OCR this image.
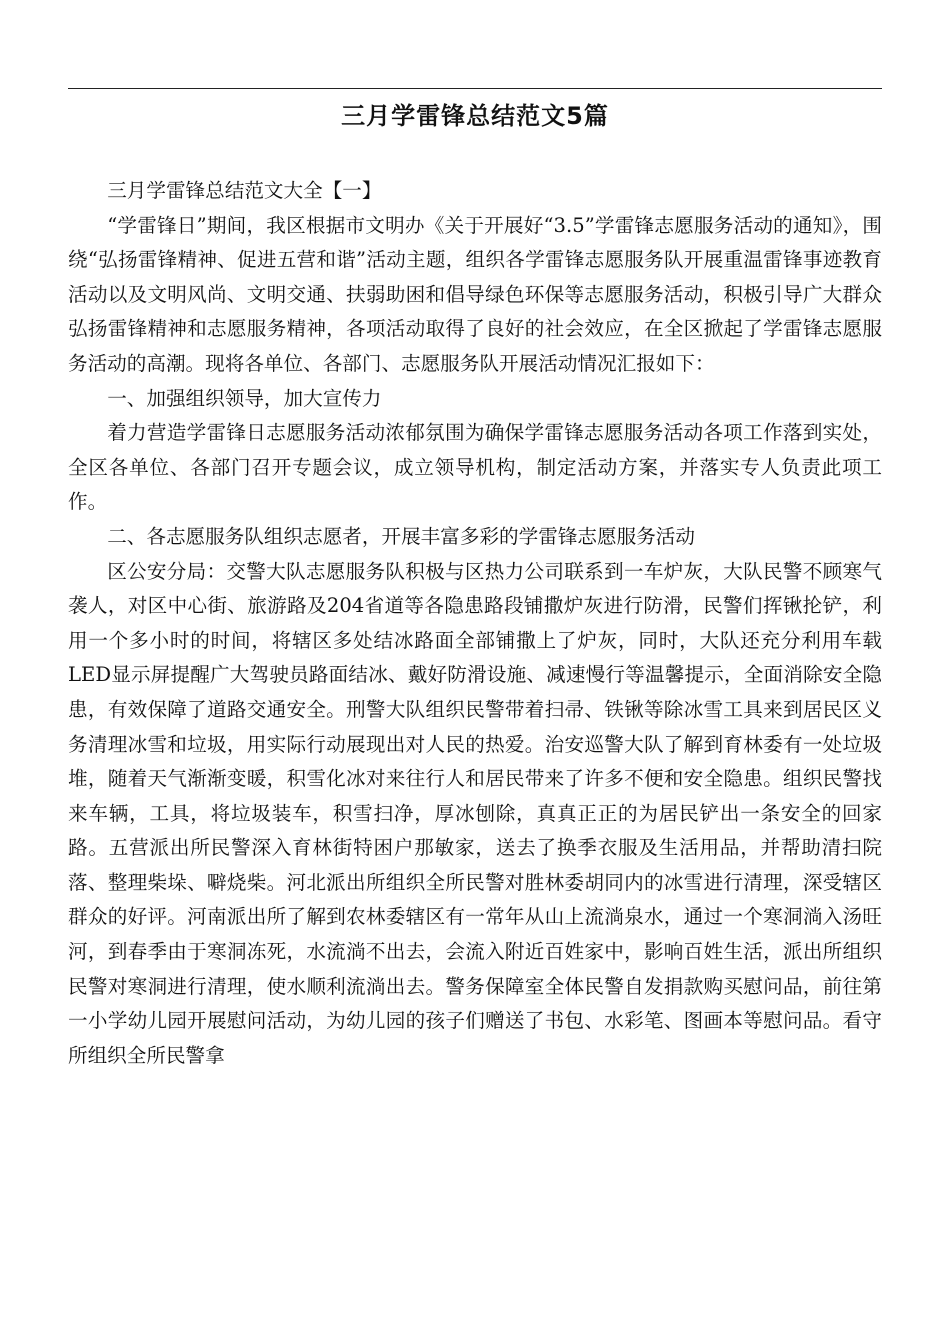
三月学雷锋总结范文5篇

三月学雷锋总结范文大全【一】

“学雷锋日”期间，我区根据市文明办《关于开展好“3.5”学雷锋志愿服务活动的通知》，围绕“弘扬雷锋精神、促进五营和谐”活动主题，组织各学雷锋志愿服务队开展重温雷锋事迹教育活动以及文明风尚、文明交通、扶弱助困和倡导绿色环保等志愿服务活动，积极引导广大群众弘扬雷锋精神和志愿服务精神，各项活动取得了良好的社会效应，在全区掀起了学雷锋志愿服务活动的高潮。现将各单位、各部门、志愿服务队开展活动情况汇报如下：

一、加强组织领导，加大宣传力

着力营造学雷锋日志愿服务活动浓郁氛围为确保学雷锋志愿服务活动各项工作落到实处，全区各单位、各部门召开专题会议，成立领导机构，制定活动方案，并落实专人负责此项工作。

二、各志愿服务队组织志愿者，开展丰富多彩的学雷锋志愿服务活动

区公安分局：交警大队志愿服务队积极与区热力公司联系到一车炉灰，大队民警不顾寒气袭人，对区中心街、旅游路及204省道等各隐患路段铺撒炉灰进行防滑，民警们挥锹抡铲，利用一个多小时的时间，将辖区多处结冰路面全部铺撒上了炉灰，同时，大队还充分利用车载LED显示屏提醒广大驾驶员路面结冰、戴好防滑设施、减速慢行等温馨提示，全面消除安全隐患，有效保障了道路交通安全。刑警大队组织民警带着扫帚、铁锹等除冰雪工具来到居民区义务清理冰雪和垃圾，用实际行动展现出对人民的热爱。治安巡警大队了解到育林委有一处垃圾堆，随着天气渐渐变暖，积雪化冰对来往行人和居民带来了许多不便和安全隐患。组织民警找来车辆，工具，将垃圾装车，积雪扫净，厚冰刨除，真真正正的为居民铲出一条安全的回家路。五营派出所民警深入育林街特困户那敏家，送去了换季衣服及生活用品，并帮助清扫院落、整理柴垛、噼烧柴。河北派出所组织全所民警对胜林委胡同内的冰雪进行清理，深受辖区群众的好评。河南派出所了解到农林委辖区有一常年从山上流淌泉水，通过一个寒洞淌入汤旺河，到春季由于寒洞冻死，水流淌不出去，会流入附近百姓家中，影响百姓生活，派出所组织民警对寒洞进行清理，使水顺利流淌出去。警务保障室全体民警自发捐款购买慰问品，前往第一小学幼儿园开展慰问活动，为幼儿园的孩子们赠送了书包、水彩笔、图画本等慰问品。看守所组织全所民警拿
